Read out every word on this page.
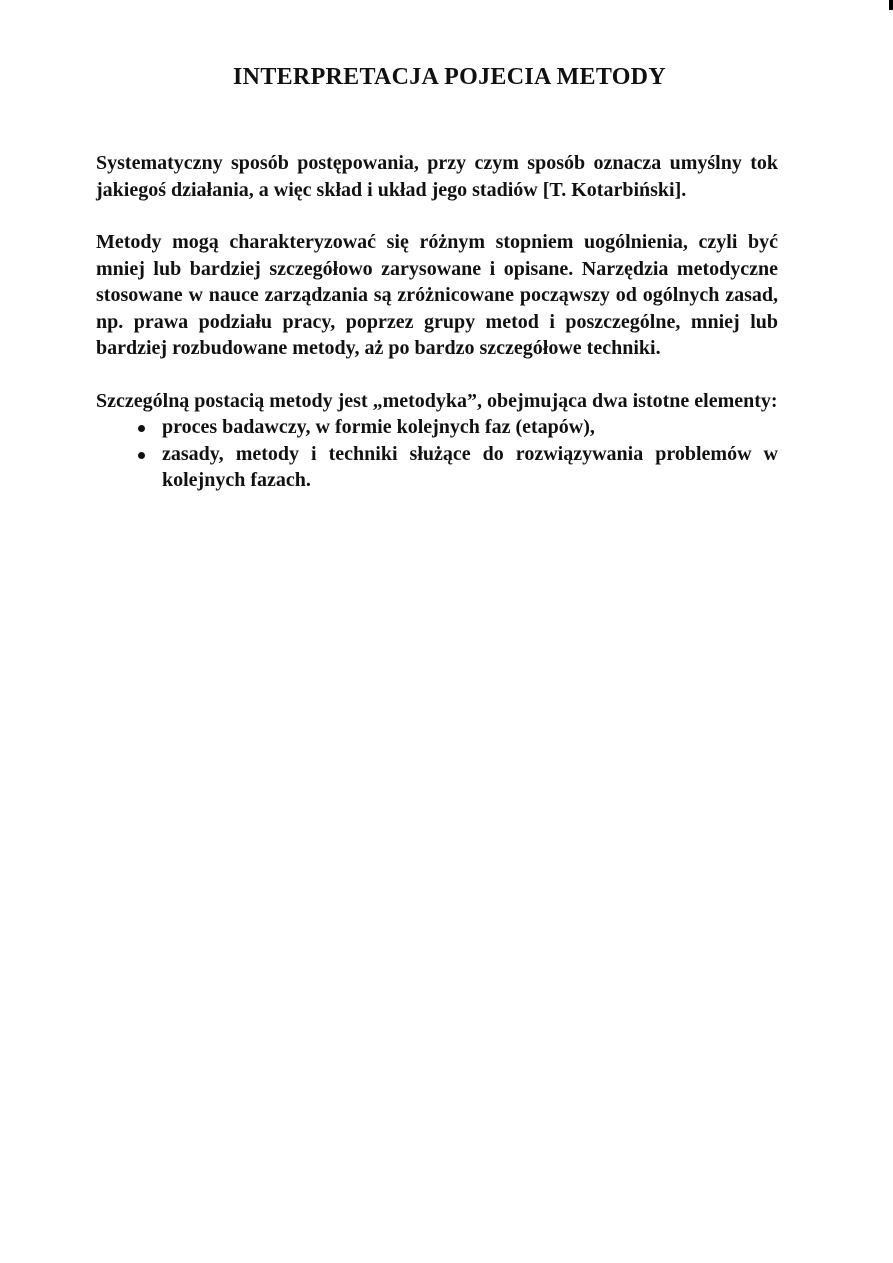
INTERPRETACJA POJECIA METODY

Systematyczny sposób postępowania, przy czym sposób oznacza umyślny tok jakiegoś działania, a więc skład i układ jego stadiów [T. Kotarbiński].

Metody mogą charakteryzować się różnym stopniem uogólnienia, czyli być mniej lub bardziej szczegółowo zarysowane i opisane. Narzędzia metodyczne stosowane w nauce zarządzania są zróżnicowane począwszy od ogólnych zasad, np. prawa podziału pracy, poprzez grupy metod i poszczególne, mniej lub bardziej rozbudowane metody, aż po bardzo szczegółowe techniki.

Szczególną postacią metody jest „metodyka”, obejmująca dwa istotne elementy:

proces badawczy, w formie kolejnych faz (etapów),
zasady, metody i techniki służące do rozwiązywania problemów w kolejnych fazach.
